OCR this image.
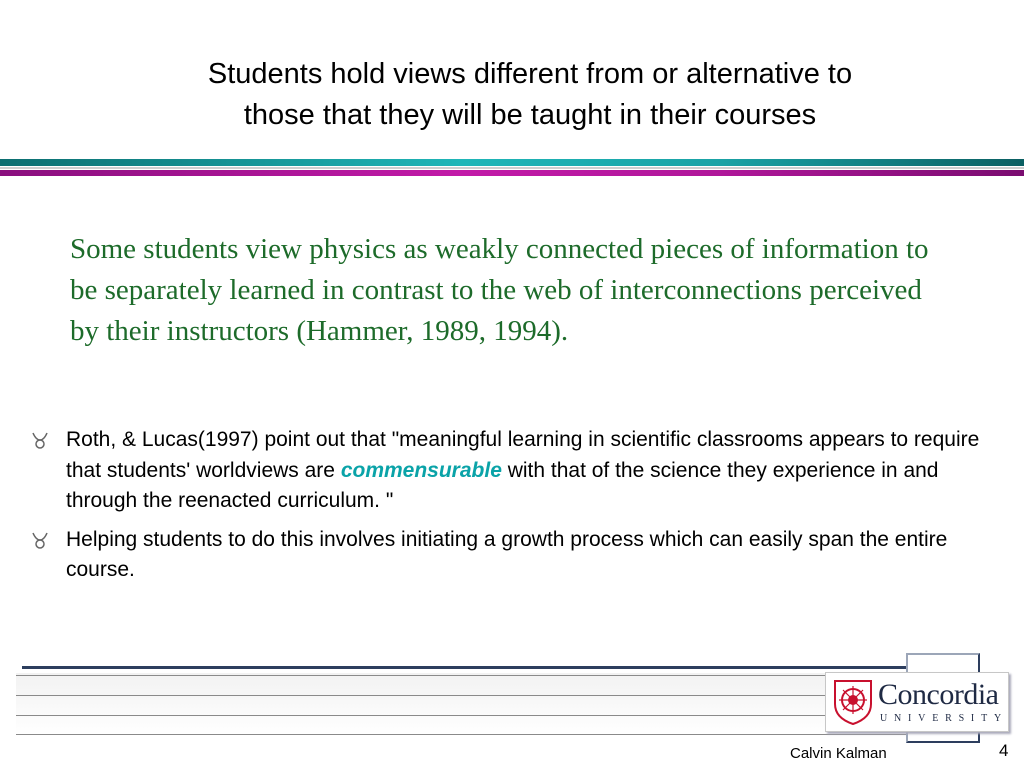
Students hold views different from or alternative to
those that they will be taught in their courses
Some students view physics as weakly connected pieces of information to be separately learned in contrast to the web of interconnections perceived by their instructors (Hammer, 1989, 1994).
Roth, & Lucas(1997) point out that "meaningful learning in scientific classrooms appears to require that students' worldviews are commensurable with that of the science they experience in and through the reenacted curriculum. "
Helping students to do this involves initiating a growth process which can easily span the entire course.
Concordia
UNIVERSITY
Calvin Kalman	4
